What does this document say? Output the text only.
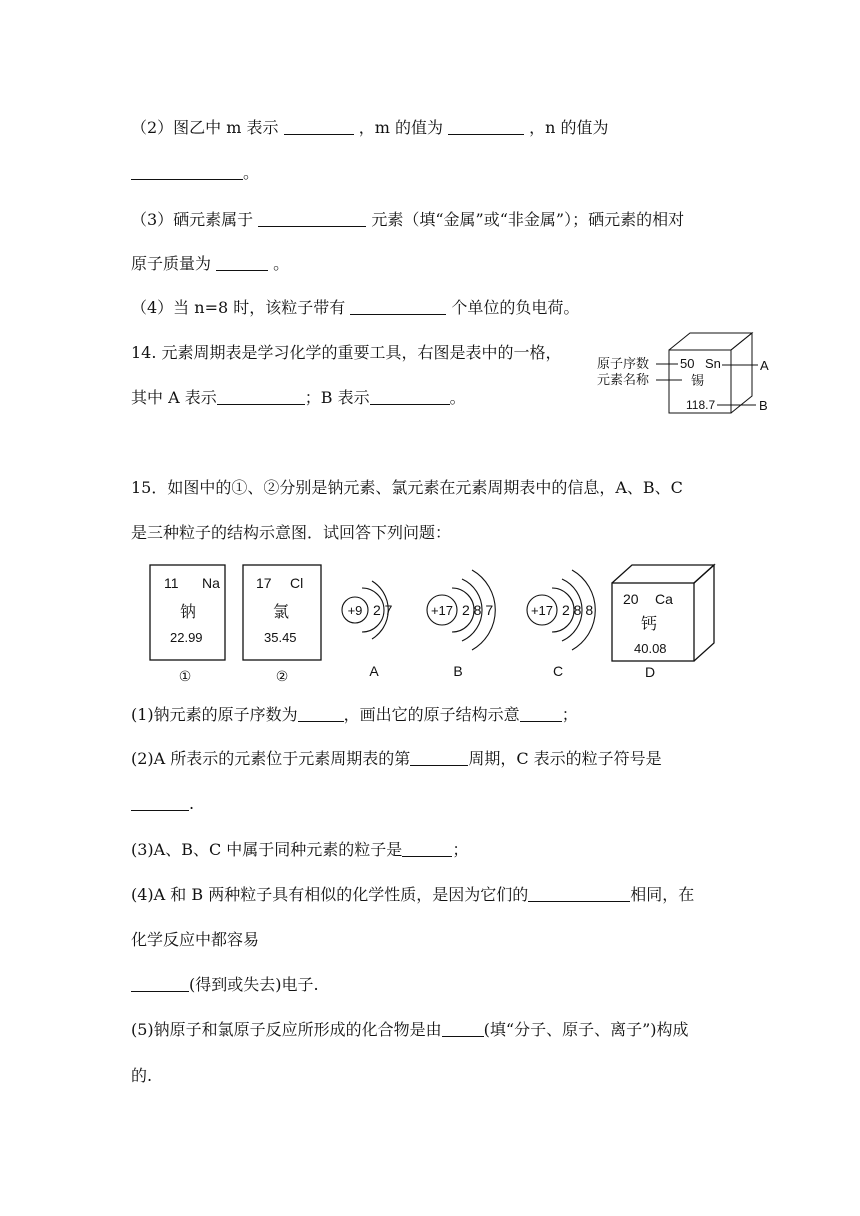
（2）图乙中 m 表示	，m 的值为	，n 的值为
。
（3）硒元素属于	元素（填“金属”或“非金属”）；硒元素的相对
原子质量为	。
（4）当 n=8 时，该粒子带有	个单位的负电荷。
14. 元素周期表是学习化学的重要工具，右图是表中的一格，
其中 A 表示	；B 表示	。
原子序数
元素名称
50 Sn
锡
118.7
A
B
15．如图中的①、②分别是钠元素、氯元素在元素周期表中的信息，A、B、C
是三种粒子的结构示意图．试回答下列问题：
11 Na
钠
22.99
①
17 Cl
氯
35.45
②
+9 2 7
A
+17 2 8 7
B
+17 2 8 8
C
20 Ca
钙
40.08
D
(1)钠元素的原子序数为	，画出它的原子结构示意	；
(2)A 所表示的元素位于元素周期表的第	周期，C 表示的粒子符号是
.
(3)A、B、C 中属于同种元素的粒子是	；
(4)A 和 B 两种粒子具有相似的化学性质，是因为它们的	相同，在
化学反应中都容易
(得到或失去)电子.
(5)钠原子和氯原子反应所形成的化合物是由	(填“分子、原子、离子”)构成
的.
